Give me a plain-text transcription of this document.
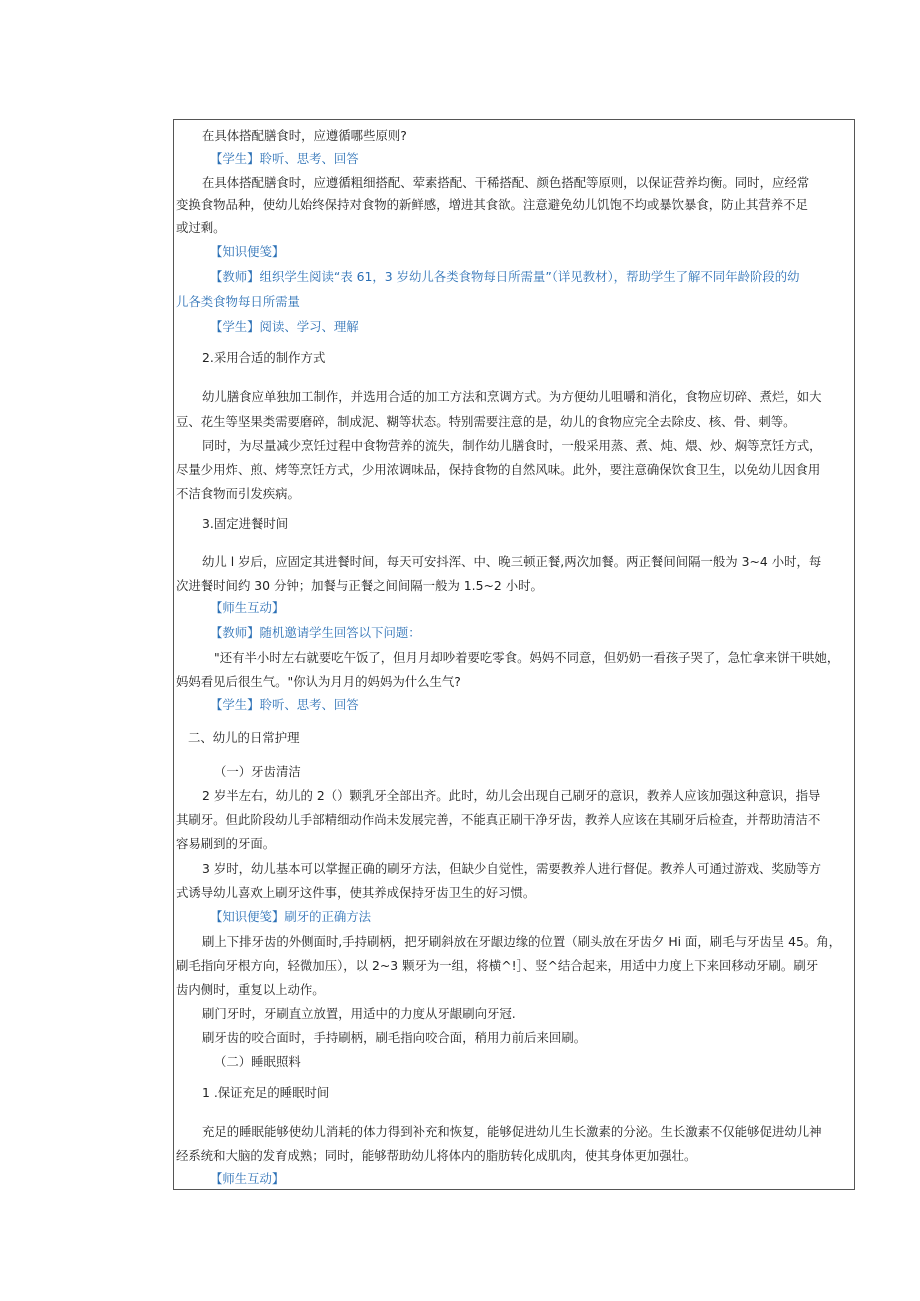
在具体搭配膳食时，应遵循哪些原则?
【学生】聆听、思考、回答
在具体搭配膳食时，应遵循粗细搭配、荤素搭配、干稀搭配、颜色搭配等原则，以保证营养均衡。同时，应经常
变换食物品种，使幼儿始终保持对食物的新鲜感，增进其食欲。注意避免幼儿饥饱不均或暴饮暴食，防止其营养不足
或过剩。
【知识便笺】
【教师】组织学生阅读“表 61，3 岁幼儿各类食物每日所需量”（详见教材），帮助学生了解不同年龄阶段的幼
儿各类食物每日所需量
【学生】阅读、学习、理解
2.采用合适的制作方式
幼儿膳食应单独加工制作，并选用合适的加工方法和烹调方式。为方便幼儿咀嚼和消化，食物应切碎、煮烂，如大
豆、花生等坚果类需要磨碎，制成泥、糊等状态。特别需要注意的是，幼儿的食物应完全去除皮、核、骨、刺等。
同时，为尽量减少烹饪过程中食物营养的流失，制作幼儿膳食时，一般采用蒸、煮、炖、煨、炒、焖等烹饪方式，
尽量少用炸、煎、烤等烹饪方式，少用浓调味品，保持食物的自然风味。此外，要注意确保饮食卫生，以免幼儿因食用
不洁食物而引发疾病。
3.固定进餐时间
幼儿 l 岁后，应固定其进餐时间，每天可安抖浑、中、晚三顿正餐,两次加餐。两正餐间间隔一般为 3~4 小时，每
次进餐时间约 30 分钟；加餐与正餐之间间隔一般为 1.5~2 小时。
【师生互动】
【教师】随机邀请学生回答以下问题：
"还有半小时左右就要吃午饭了，但月月却吵着要吃零食。妈妈不同意，但奶奶一看孩子哭了，急忙拿来饼干哄她，
妈妈看见后很生气。"你认为月月的妈妈为什么生气?
【学生】聆听、思考、回答
二、幼儿的日常护理
（一）牙齿清洁
2 岁半左右，幼儿的 2（）颗乳牙全部出齐。此时，幼儿会出现自己刷牙的意识，教养人应该加强这种意识，指导
其刷牙。但此阶段幼儿手部精细动作尚未发展完善，不能真正刷干净牙齿，教养人应该在其刷牙后检查，并帮助清洁不
容易刷到的牙面。
3 岁时，幼儿基本可以掌握正确的刷牙方法，但缺少自觉性，需要教养人进行督促。教养人可通过游戏、奖励等方
式诱导幼儿喜欢上刷牙这件事，使其养成保持牙齿卫生的好习惯。
【知识便笺】刷牙的正确方法
刷上下排牙齿的外侧面时,手持刷柄，把牙刷斜放在牙龈边缘的位置（刷头放在牙齿夕 Hi 面，刷毛与牙齿呈 45。角，
刷毛指向牙根方向，轻微加压），以 2~3 颗牙为一组，将横^!］、竖^结合起来，用适中力度上下来回移动牙刷。刷牙
齿内侧时，重复以上动作。
刷门牙时，牙刷直立放置，用适中的力度从牙龈刷向牙冠.
刷牙齿的咬合面时，手持刷柄，刷毛指向咬合面，稍用力前后来回刷。
（二）睡眠照料
1 .保证充足的睡眠时间
充足的睡眠能够使幼儿消耗的体力得到补充和恢复，能够促进幼儿生长激素的分泌。生长激素不仅能够促进幼儿神
经系统和大脑的发育成熟；同时，能够帮助幼儿将体内的脂肪转化成肌肉，使其身体更加强壮。
【师生互动】
